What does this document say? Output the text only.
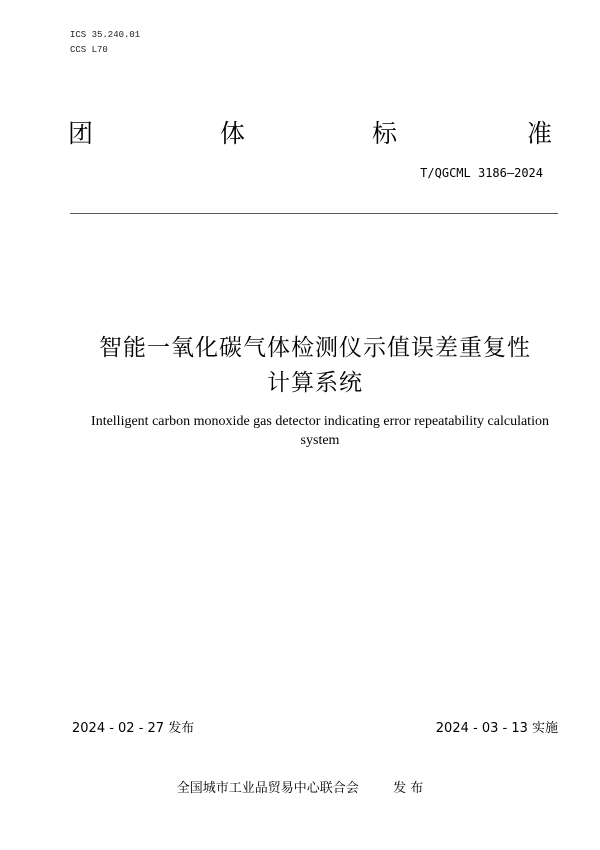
ICS 35.240.01
CCS L70
团	体	标	准
T/QGCML 3186—2024
智能一氧化碳气体检测仪示值误差重复性
计算系统
Intelligent carbon monoxide gas detector indicating error repeatability calculation
system
2024 - 02 - 27 发布	2024 - 03 - 13 实施
全国城市工业品贸易中心联合会	发 布
